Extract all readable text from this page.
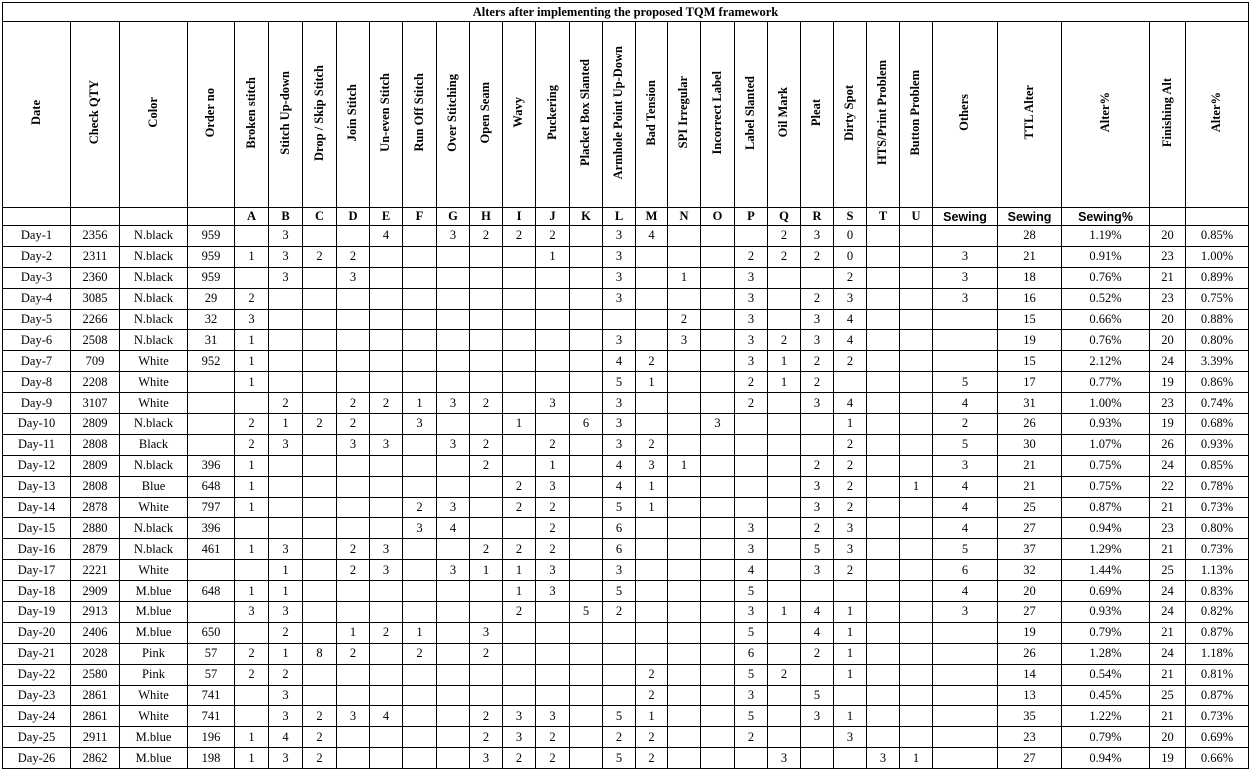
Alters after implementing the proposed TQM framework																													
Date	Check QTY	Color	Order no	Broken stitch	Stitch Up-down	Drop / Skip Stitch	Join Stitch	Un-even Stitch	Run Off Stitch	Over Stitching	Open Seam	Wavy	Puckering	Placket Box Slanted	Armhole Point Up-Down	Bad Tension	SPI Irregular	Incorrect Label	Label Slanted	Oil Mark	Pleat	Dirty Spot	HTS/Print Problem	Button Problem	Others	TTL Alter	Alter%	Finishing Alt	Alter%
				A	B	C	D	E	F	G	H	I	J	K	L	M	N	O	P	Q	R	S	T	U	Sewing	Sewing	Sewing%		
Day-1	2356	N.black	959		3			4		3	2	2	2		3	4				2	3	0				28	1.19%	20	0.85%
Day-2	2311	N.black	959	1	3	2	2						1		3				2	2	2	0			3	21	0.91%	23	1.00%
Day-3	2360	N.black	959		3		3								3		1		3			2			3	18	0.76%	21	0.89%
Day-4	3085	N.black	29	2											3				3		2	3			3	16	0.52%	23	0.75%
Day-5	2266	N.black	32	3													2		3		3	4				15	0.66%	20	0.88%
Day-6	2508	N.black	31	1											3		3		3	2	3	4				19	0.76%	20	0.80%
Day-7	709	White	952	1											4	2			3	1	2	2				15	2.12%	24	3.39%
Day-8	2208	White		1											5	1			2	1	2				5	17	0.77%	19	0.86%
Day-9	3107	White			2		2	2	1	3	2		3		3				2		3	4			4	31	1.00%	23	0.74%
Day-10	2809	N.black		2	1	2	2		3			1		6	3			3				1			2	26	0.93%	19	0.68%
Day-11	2808	Black		2	3		3	3		3	2		2		3	2						2			5	30	1.07%	26	0.93%
Day-12	2809	N.black	396	1							2		1		4	3	1				2	2			3	21	0.75%	24	0.85%
Day-13	2808	Blue	648	1								2	3		4	1					3	2		1	4	21	0.75%	22	0.78%
Day-14	2878	White	797	1					2	3		2	2		5	1					3	2			4	25	0.87%	21	0.73%
Day-15	2880	N.black	396						3	4			2		6				3		2	3			4	27	0.94%	23	0.80%
Day-16	2879	N.black	461	1	3		2	3			2	2	2		6				3		5	3			5	37	1.29%	21	0.73%
Day-17	2221	White			1		2	3		3	1	1	3		3				4		3	2			6	32	1.44%	25	1.13%
Day-18	2909	M.blue	648	1	1							1	3		5				5						4	20	0.69%	24	0.83%
Day-19	2913	M.blue		3	3							2		5	2				3	1	4	1			3	27	0.93%	24	0.82%
Day-20	2406	M.blue	650		2		1	2	1		3								5		4	1				19	0.79%	21	0.87%
Day-21	2028	Pink	57	2	1	8	2		2		2								6		2	1				26	1.28%	24	1.18%
Day-22	2580	Pink	57	2	2											2			5	2		1				14	0.54%	21	0.81%
Day-23	2861	White	741		3											2			3		5					13	0.45%	25	0.87%
Day-24	2861	White	741		3	2	3	4			2	3	3		5	1			5		3	1				35	1.22%	21	0.73%
Day-25	2911	M.blue	196	1	4	2					2	3	2		2	2			2			3				23	0.79%	20	0.69%
Day-26	2862	M.blue	198	1	3	2					3	2	2		5	2				3			3	1		27	0.94%	19	0.66%
